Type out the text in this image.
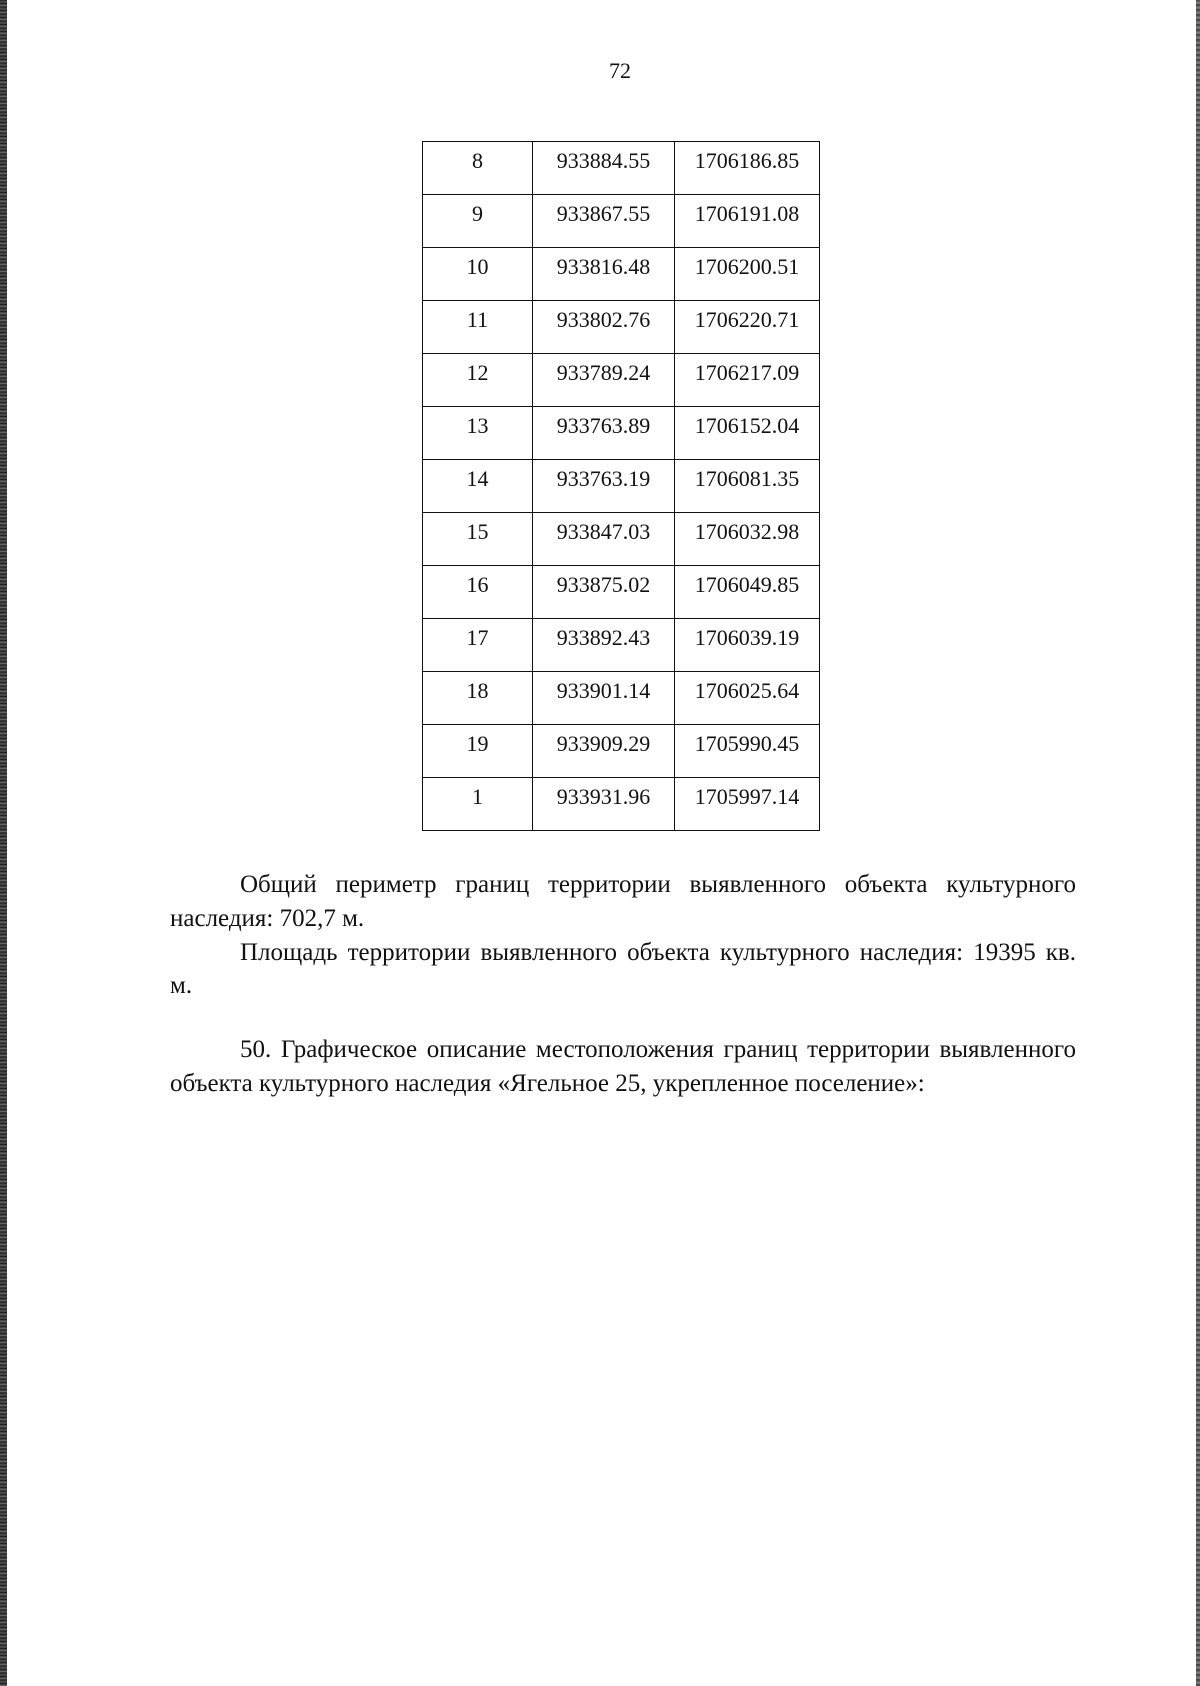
72
8	933884.55	1706186.85

9	933867.55	1706191.08

10	933816.48	1706200.51

11	933802.76	1706220.71

12	933789.24	1706217.09

13	933763.89	1706152.04

14	933763.19	1706081.35

15	933847.03	1706032.98

16	933875.02	1706049.85

17	933892.43	1706039.19

18	933901.14	1706025.64

19	933909.29	1705990.45

1	933931.96	1705997.14

Общий периметр границ территории выявленного объекта культурного наследия: 702,7 м.

Площадь территории выявленного объекта культурного наследия: 19395 кв. м.

50. Графическое описание местоположения границ территории выявленного объекта культурного наследия «Ягельное 25, укрепленное поселение»:
